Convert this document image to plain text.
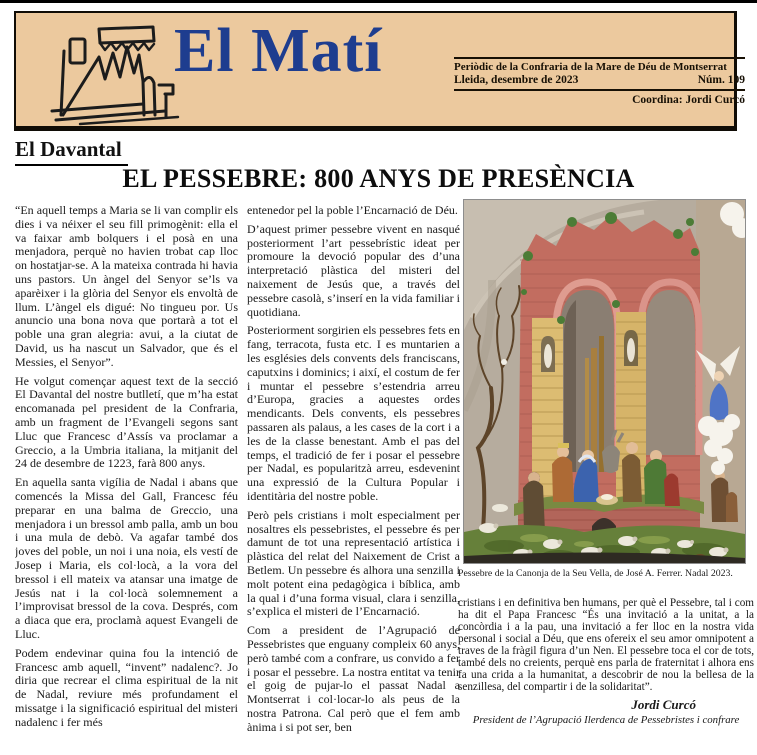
El Matí	Periòdic de la Confraria de la Mare de Déu de Montserrat
Lleida, desembre de 2023	Núm. 109
Coordina: Jordi Curcó
El Davantal
EL PESSEBRE: 800 ANYS DE PRESÈNCIA

“En aquell temps a Maria se li van complir els dies i va néixer el seu fill primogènit: ella el va faixar amb bolquers i el posà en una menjadora, perquè no havien trobat cap lloc on hostatjar-se. A la mateixa contrada hi havia uns pastors. Un àngel del Senyor se’ls va aparèixer i la glòria del Senyor els envoltà de llum. L’àngel els digué: No tingueu por. Us anuncio una bona nova que portarà a tot el poble una gran alegria: avui, a la ciutat de David, us ha nascut un Salvador, que és el Messies, el Senyor”.

He volgut començar aquest text de la secció El Davantal del nostre butlletí, que m’ha estat encomanada pel president de la Confraria, amb un fragment de l’Evangeli segons sant Lluc que Francesc d’Assís va proclamar a Greccio, a la Umbria italiana, la mitjanit del 24 de desembre de 1223, farà 800 anys.

En aquella santa vigília de Nadal i abans que comencés la Missa del Gall, Francesc féu preparar en una balma de Greccio, una menjadora i un bressol amb palla, amb un bou i una mula de debò. Va agafar també dos joves del poble, un noi i una noia, els vestí de Josep i Maria, els col·locà, a la vora del bressol i ell mateix va atansar una imatge de Jesús nat i la col·locà solemnement a l’improvisat bressol de la cova. Després, com a diaca que era, proclamà aquest Evangeli de Lluc.

Podem endevinar quina fou la intenció de Francesc amb aquell, “invent” nadalenc?. Jo diria que recrear el clima espiritual de la nit de Nadal, reviure més profundament el missatge i la significació espiritual del misteri nadalenc i fer més

entenedor pel la poble l’Encarnació de Déu.

D’aquest primer pessebre vivent en nasqué posteriorment l’art pessebrístic ideat per promoure la devoció popular des d’una interpretació plàstica del misteri del naixement de Jesús que, a través del pessebre casolà, s’inserí en la vida familiar i quotidiana.

Posteriorment sorgirien els pessebres fets en fang, terracota, fusta etc. I es muntarien a les esglésies dels convents dels franciscans, caputxins i dominics; i així, el costum de fer i muntar el pessebre s’estendria arreu d’Europa, gracies a aquestes ordes mendicants. Dels convents, els pessebres passaren als palaus, a les cases de la cort i a les de la classe benestant. Amb el pas del temps, el tradició de fer i posar el pessebre per Nadal, es popularitzà arreu, esdevenint una expressió de la Cultura Popular i identitària del nostre poble.

Però pels cristians i molt especialment per nosaltres els pessebristes, el pessebre és per damunt de tot una representació artística i plàstica del relat del Naixement de Crist a Betlem. Un pessebre és alhora una senzilla i molt potent eina pedagògica i bíblica, amb la qual i d’una forma visual, clara i senzilla, s’explica el misteri de l’Encarnació.

Com a president de l’Agrupació de Pessebristes que enguany compleix 60 anys, però també com a confrare, us convido a fer i posar el pessebre. La nostra entitat va tenir el goig de pujar-lo el passat Nadal a Montserrat i col·locar-lo als peus de la nostra Patrona. Cal però que el fem amb ànima i si pot ser, ben

Pessebre de la Canonja de la Seu Vella, de José A. Ferrer. Nadal 2023.

cristians i en definitiva ben humans, per què el Pessebre, tal i com ha dit el Papa Francesc “És una invitació a la unitat, a la concòrdia i a la pau, una invitació a fer lloc en la nostra vida personal i social a Déu, que ens ofereix el seu amor omnipotent a traves de la fràgil figura d’un Nen. El pessebre toca el cor de tots, també dels no creients, perquè ens parla de fraternitat i alhora ens fa una crida a la humanitat, a descobrir de nou la bellesa de la senzillesa, del compartir i de la solidaritat”.

Jordi Curcó
President de l’Agrupació Ilerdenca de Pessebristes i confrare
